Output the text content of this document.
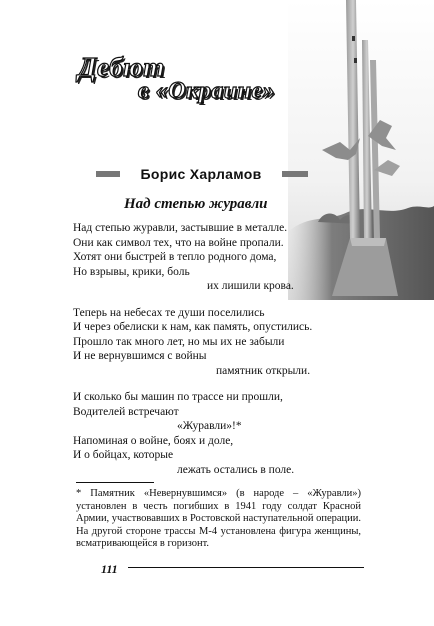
Дебют
в «Окраине»
Борис Харламов
Над степью журавли
Над степью журавли, застывшие в металле.
Они как символ тех, что на войне пропали.
Хотят они быстрей в тепло родного дома,
Но взрывы, крики, боль
их лишили крова.
Теперь на небесах те души поселились
И через обелиски к нам, как память, опустились.
Прошло так много лет, но мы их не забыли
И не вернувшимся с войны
памятник открыли.
И сколько бы машин по трассе ни прошли,
Водителей встречают
«Журавли»!*
Напоминая о войне, боях и доле,
И о бойцах, которые
лежать остались в поле.
* Памятник «Невернувшимся» (в народе – «Журавли»)
установлен в честь погибших в 1941 году солдат Красной
Армии, участвовавших в Ростовской наступательной операции.
На другой стороне трассы М-4 установлена фигура женщины,
всматривающейся в горизонт.
111
